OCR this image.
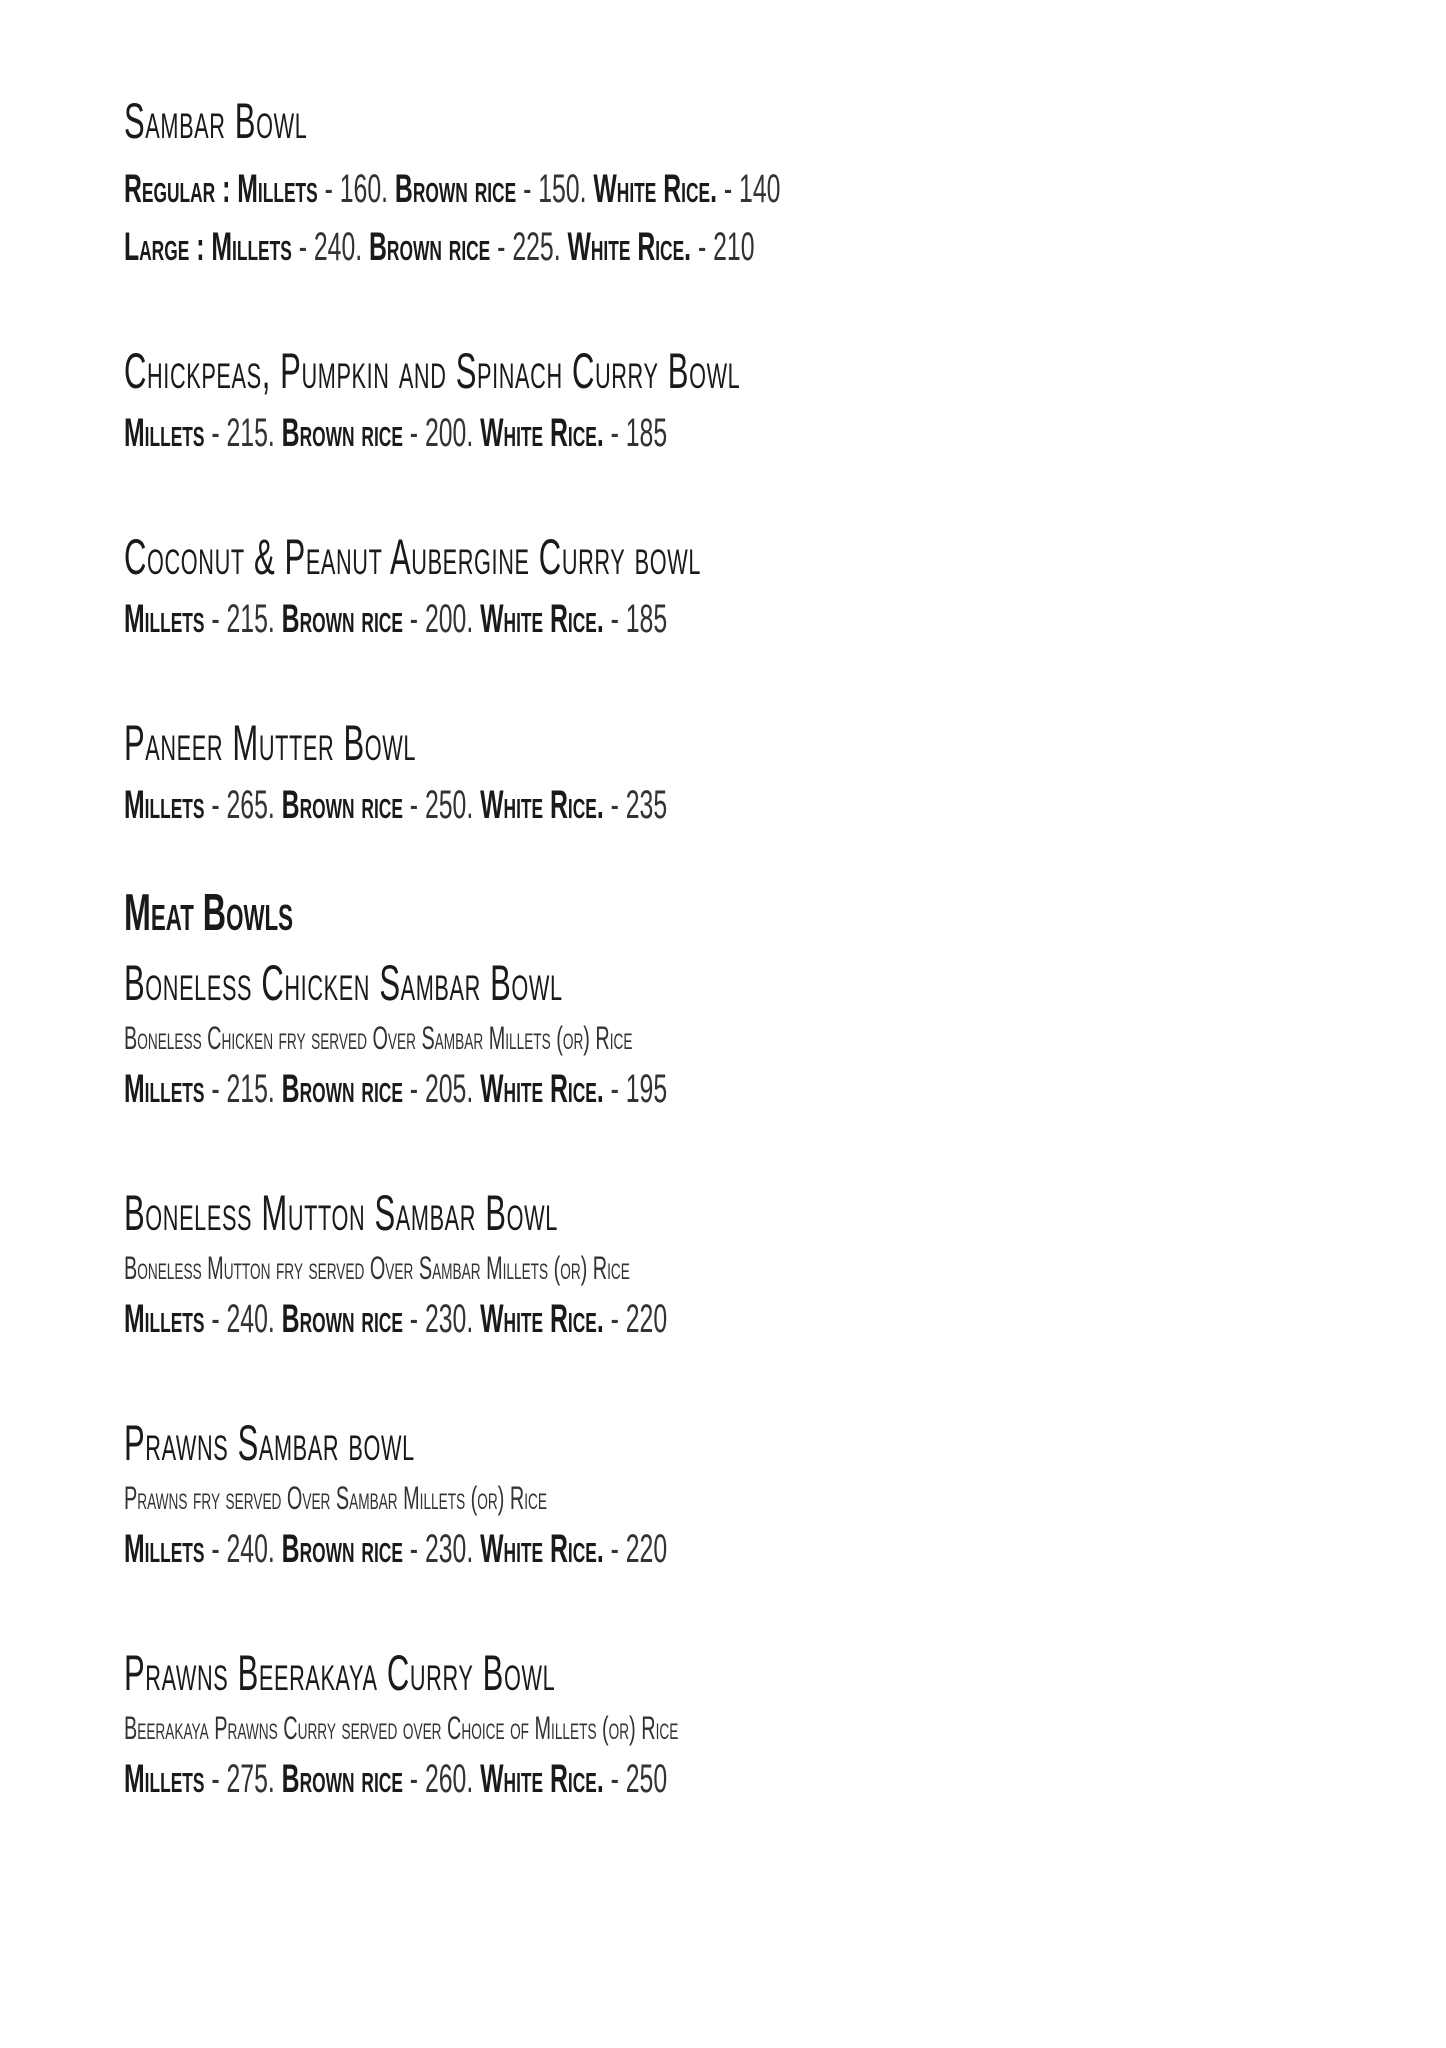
Sambar Bowl
Regular : Millets - 160. Brown rice - 150. White Rice. - 140
Large : Millets - 240. Brown rice - 225. White Rice. - 210
Chickpeas, Pumpkin and Spinach Curry Bowl
Millets - 215. Brown rice - 200. White Rice. - 185
Coconut & Peanut Aubergine Curry bowl
Millets - 215. Brown rice - 200. White Rice. - 185
Paneer Mutter Bowl
Millets - 265. Brown rice - 250. White Rice. - 235
Meat Bowls
Boneless Chicken Sambar Bowl
Boneless Chicken fry served Over Sambar Millets (or) Rice
Millets - 215. Brown rice - 205. White Rice. - 195
Boneless Mutton Sambar Bowl
Boneless Mutton fry served Over Sambar Millets (or) Rice
Millets - 240. Brown rice - 230. White Rice. - 220
Prawns Sambar bowl
Prawns fry served Over Sambar Millets (or) Rice
Millets - 240. Brown rice - 230. White Rice. - 220
Prawns Beerakaya Curry Bowl
Beerakaya Prawns Curry served over Choice of Millets (or) Rice
Millets - 275. Brown rice - 260. White Rice. - 250
